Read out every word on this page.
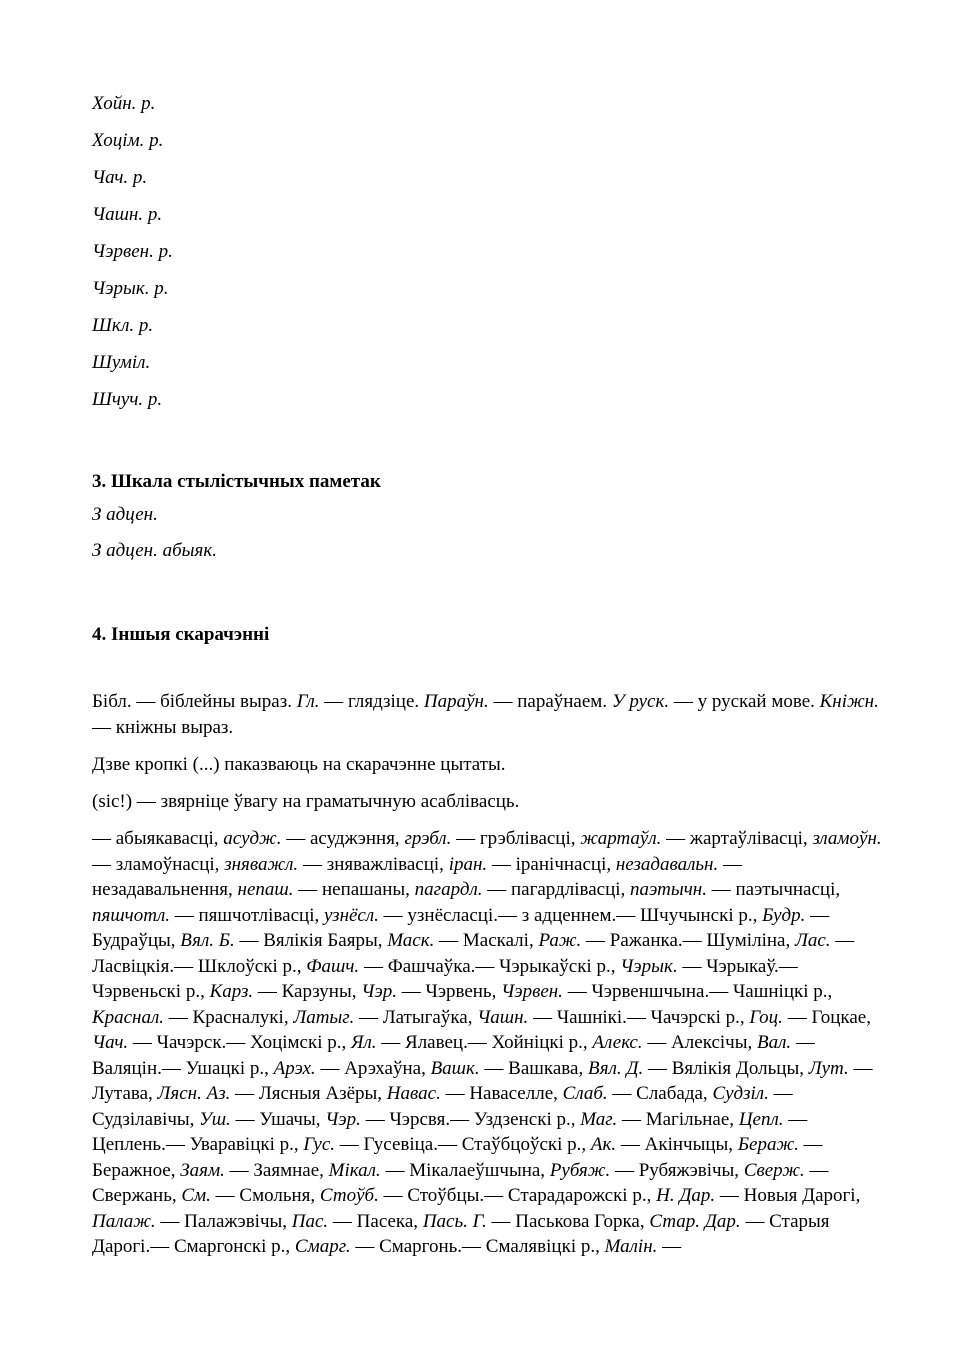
Хойн. р.
Хоцім. р.
Чач. р.
Чашн. р.
Чэрвен. р.
Чэрык. р.
Шкл. р.
Шуміл.
Шчуч. р.
3. Шкала стылістычных паметак
З адцен.
З адцен. абыяк.
4. Іншыя скарачэнні
Бібл. — біблейны выраз. Гл. — глядзіце. Параўн. — параўнаем. У руск. — у рускай мове. Кніжн. — кніжны выраз.
Дзве кропкі (...) паказваюць на скарачэнне цытаты.
(sic!) — звярніце ўвагу на граматычную асаблівасць.
— абыякавасці, асудж. — асуджэння, грэбл. — грэблівасці, жартаўл. — жартаўлівасці, зламоўн. — зламоўнасці, зняважл. — зняважлівасці, іран. — іранічнасці, незадавальн. — незадавальнення, непаш. — непашаны, пагардл. — пагардлівасці, паэтычн. — паэтычнасці, пяшчотл. — пяшчотлівасці, узнёсл. — узнёсласці.— з адценнем.— Шчучынскі р., Будр. — Будраўцы, Вял. Б. — Вялікія Баяры, Маск. — Маскалі, Раж. — Ражанка.— Шуміліна, Лас. — Ласвіцкія.— Шклоўскі р., Фашч. — Фашчаўка.— Чэрыкаўскі р., Чэрык. — Чэрыкаў.— Чэрвеньскі р., Карз. — Карзуны, Чэр. — Чэрвень, Чэрвен. — Чэрвеншчына.— Чашніцкі р., Краснал. — Красналукі, Латыг. — Латыгаўка, Чашн. — Чашнікі.— Чачэрскі р., Гоц. — Гоцкае, Чач. — Чачэрск.— Хоцімскі р., Ял. — Ялавец.— Хойніцкі р., Алекс. — Алексічы, Вал. — Валяцін.— Ушацкі р., Арэх. — Арэхаўна, Вашк. — Вашкава, Вял. Д. — Вялікія Дольцы, Лут. — Лутава, Лясн. Аз. — Лясныя Азёры, Навас. — Наваселле, Слаб. — Слабада, Судзіл. — Судзілавічы, Уш. — Ушачы, Чэр. — Чэрсвя.— Уздзенскі р., Маг. — Магільнае, Цепл. — Цеплень.— Уваравіцкі р., Гус. — Гусевіца.— Стаўбцоўскі р., Ак. — Акінчыцы, Бераж. — Беражное, Заям. — Заямнае, Мікал. — Мікалаеўшчына, Рубяж. — Рубяжэвічы, Сверж. — Свержань, См. — Смольня, Стоўб. — Стоўбцы.— Старадарожскі р., Н. Дар. — Новыя Дарогі, Палаж. — Палажэвічы, Пас. — Пасека, Пась. Г. — Паськова Горка, Стар. Дар. — Старыя Дарогі.— Смаргонскі р., Смарг. — Смаргонь.— Смалявіцкі р., Малін. —
